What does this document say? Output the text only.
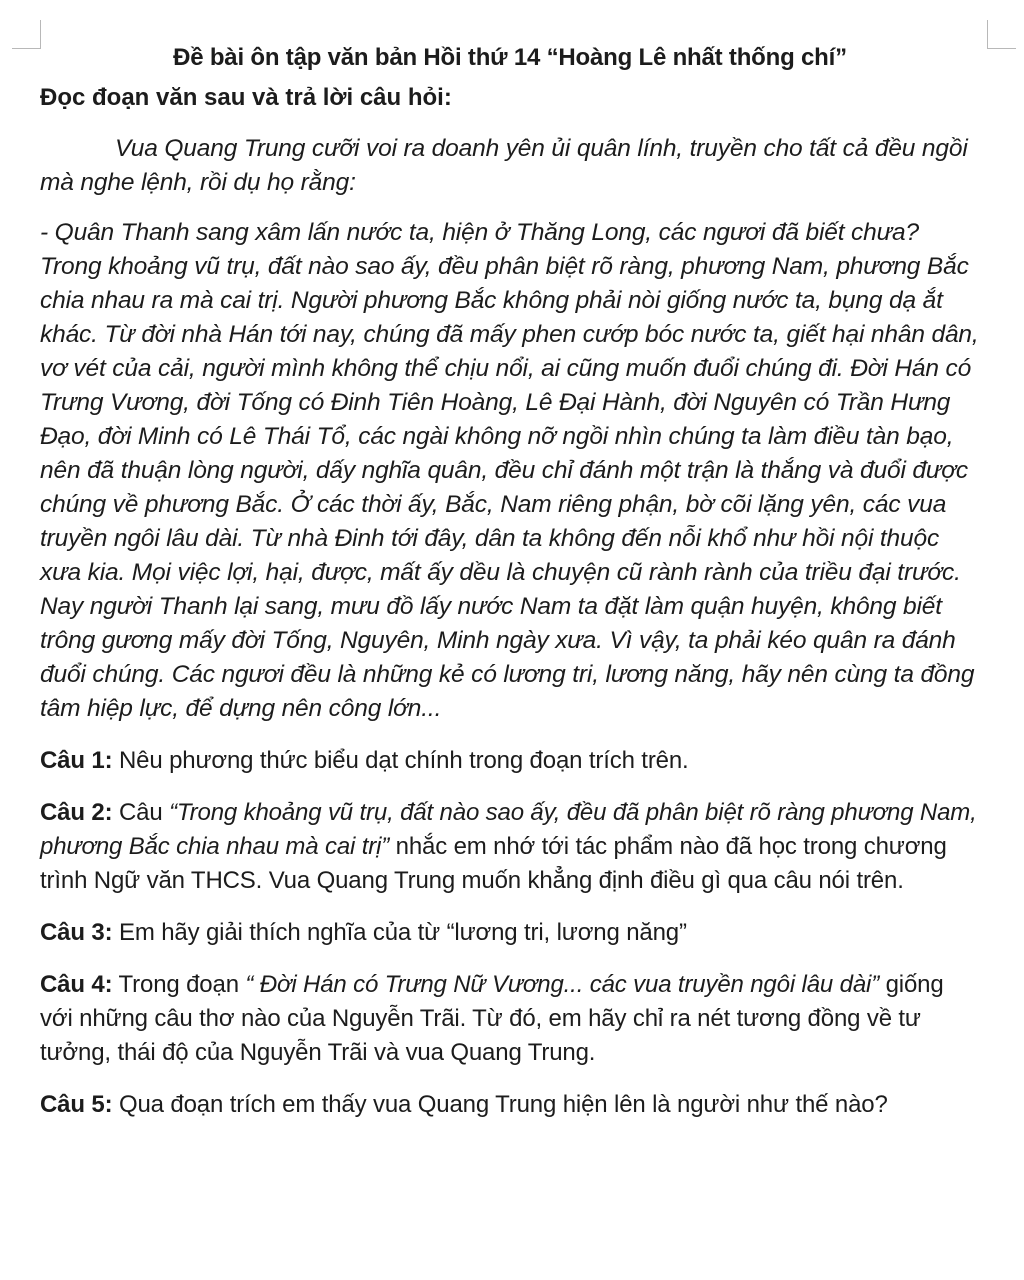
Đề bài ôn tập văn bản Hồi thứ 14 “Hoàng Lê nhất thống chí”

Đọc đoạn văn sau và trả lời câu hỏi:

Vua Quang Trung cưỡi voi ra doanh yên ủi quân lính, truyền cho tất cả đều ngồi mà nghe lệnh, rồi dụ họ rằng:

- Quân Thanh sang xâm lấn nước ta, hiện ở Thăng Long, các ngươi đã biết chưa? Trong khoảng vũ trụ, đất nào sao ấy, đều phân biệt rõ ràng, phương Nam, phương Bắc chia nhau ra mà cai trị. Người phương Bắc không phải nòi giống nước ta, bụng dạ ắt khác. Từ đời nhà Hán tới nay, chúng đã mấy phen cướp bóc nước ta, giết hại nhân dân, vơ vét của cải, người mình không thể chịu nổi, ai cũng muốn đuổi chúng đi. Đời Hán có Trưng Vương, đời Tống có Đinh Tiên Hoàng, Lê Đại Hành, đời Nguyên có Trần Hưng Đạo, đời Minh có Lê Thái Tổ, các ngài không nỡ ngồi nhìn chúng ta làm điều tàn bạo, nên đã thuận lòng người, dấy nghĩa quân, đều chỉ đánh một trận là thắng và đuổi được chúng về phương Bắc. Ở các thời ấy, Bắc, Nam riêng phận, bờ cõi lặng yên, các vua truyền ngôi lâu dài. Từ nhà Đinh tới đây, dân ta không đến nỗi khổ như hồi nội thuộc xưa kia. Mọi việc lợi, hại, được, mất ấy dều là chuyện cũ rành rành của triều đại trước. Nay người Thanh lại sang, mưu đồ lấy nước Nam ta đặt làm quận huyện, không biết trông gương mấy đời Tống, Nguyên, Minh ngày xưa. Vì vậy, ta phải kéo quân ra đánh đuổi chúng. Các ngươi đều là những kẻ có lương tri, lương năng, hãy nên cùng ta đồng tâm hiệp lực, để dựng nên công lớn...

Câu 1: Nêu phương thức biểu dạt chính trong đoạn trích trên.

Câu 2: Câu “Trong khoảng vũ trụ, đất nào sao ấy, đều đã phân biệt rõ ràng phương Nam, phương Bắc chia nhau mà cai trị” nhắc em nhớ tới tác phẩm nào đã học trong chương trình Ngữ văn THCS. Vua Quang Trung muốn khẳng định điều gì qua câu nói trên.

Câu 3: Em hãy giải thích nghĩa của từ “lương tri, lương năng”

Câu 4: Trong đoạn “ Đời Hán có Trưng Nữ Vương... các vua truyền ngôi lâu dài” giống với những câu thơ nào của Nguyễn Trãi. Từ đó, em hãy chỉ ra nét tương đồng về tư tưởng, thái độ của Nguyễn Trãi và vua Quang Trung.

Câu 5: Qua đoạn trích em thấy vua Quang Trung hiện lên là người như thế nào?
